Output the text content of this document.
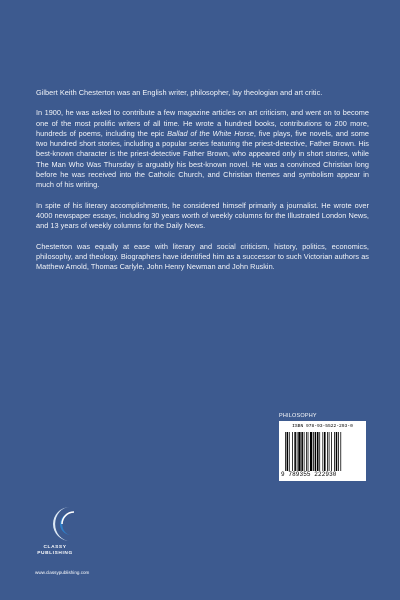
Gilbert Keith Chesterton was an English writer, philosopher, lay theologian and art critic.

In 1900, he was asked to contribute a few magazine articles on art criticism, and went on to become one of the most prolific writers of all time. He wrote a hundred books, contributions to 200 more, hundreds of poems, including the epic Ballad of the White Horse, five plays, five novels, and some two hundred short stories, including a popular series featuring the priest-detective, Father Brown. His best-known character is the priest-detective Father Brown, who appeared only in short stories, while The Man Who Was Thursday is arguably his best-known novel. He was a convinced Christian long before he was received into the Catholic Church, and Christian themes and symbolism appear in much of his writing.

In spite of his literary accomplishments, he considered himself primarily a journalist. He wrote over 4000 newspaper essays, including 30 years worth of weekly columns for the Illustrated London News, and 13 years of weekly columns for the Daily News.

Chesterton was equally at ease with literary and social criticism, history, politics, economics, philosophy, and theology. Biographers have identified him as a successor to such Victorian authors as Matthew Arnold, Thomas Carlyle, John Henry Newman and John Ruskin.

PHILOSOPHY
ISBN 978-93-5522-293-0
9 789355 222930
CLASSY
PUBLISHING
www.classypublishing.com
